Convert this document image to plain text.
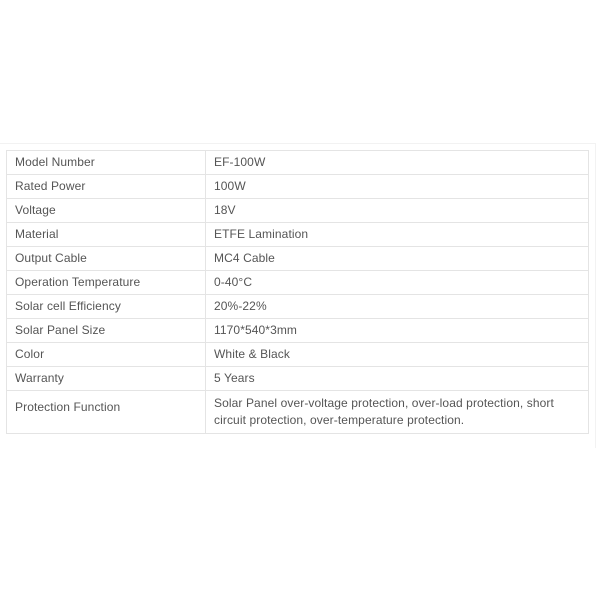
Model Number	EF-100W
Rated Power	100W
Voltage	18V
Material	ETFE Lamination
Output Cable	MC4 Cable
Operation Temperature	0-40°C
Solar cell Efficiency	20%-22%
Solar Panel Size	1170*540*3mm
Color	White & Black
Warranty	5 Years
Protection Function	Solar Panel over-voltage protection, over-load protection, short circuit protection, over-temperature protection.
